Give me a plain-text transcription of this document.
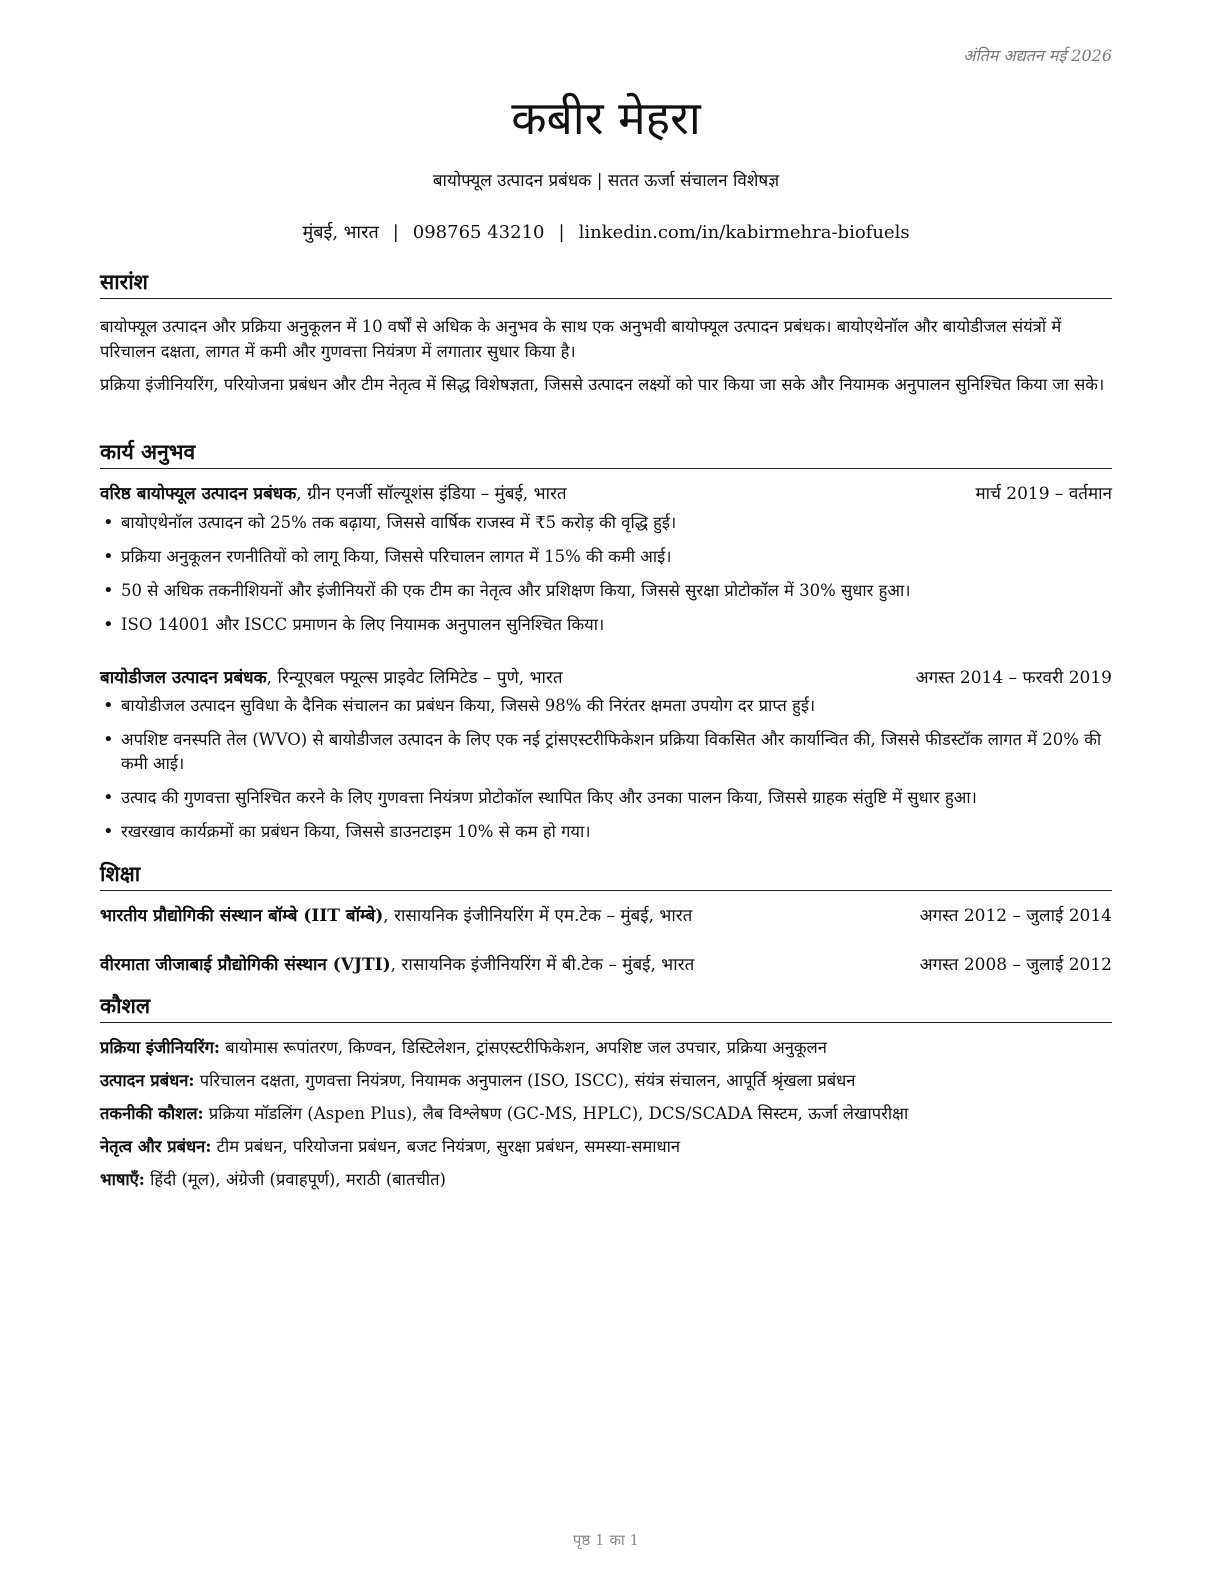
अंतिम अद्यतन मई 2026
कबीर मेहरा
बायोफ्यूल उत्पादन प्रबंधक | सतत ऊर्जा संचालन विशेषज्ञ
मुंबई, भारत | 098765 43210 | linkedin.com/in/kabirmehra-biofuels
सारांश
बायोफ्यूल उत्पादन और प्रक्रिया अनुकूलन में 10 वर्षों से अधिक के अनुभव के साथ एक अनुभवी बायोफ्यूल उत्पादन प्रबंधक। बायोएथेनॉल और बायोडीजल संयंत्रों में परिचालन दक्षता, लागत में कमी और गुणवत्ता नियंत्रण में लगातार सुधार किया है।
प्रक्रिया इंजीनियरिंग, परियोजना प्रबंधन और टीम नेतृत्व में सिद्ध विशेषज्ञता, जिससे उत्पादन लक्ष्यों को पार किया जा सके और नियामक अनुपालन सुनिश्चित किया जा सके।
कार्य अनुभव
वरिष्ठ बायोफ्यूल उत्पादन प्रबंधक, ग्रीन एनर्जी सॉल्यूशंस इंडिया – मुंबई, भारत	मार्च 2019 – वर्तमान
• बायोएथेनॉल उत्पादन को 25% तक बढ़ाया, जिससे वार्षिक राजस्व में ₹5 करोड़ की वृद्धि हुई।
• प्रक्रिया अनुकूलन रणनीतियों को लागू किया, जिससे परिचालन लागत में 15% की कमी आई।
• 50 से अधिक तकनीशियनों और इंजीनियरों की एक टीम का नेतृत्व और प्रशिक्षण किया, जिससे सुरक्षा प्रोटोकॉल में 30% सुधार हुआ।
• ISO 14001 और ISCC प्रमाणन के लिए नियामक अनुपालन सुनिश्चित किया।
बायोडीजल उत्पादन प्रबंधक, रिन्यूएबल फ्यूल्स प्राइवेट लिमिटेड – पुणे, भारत	अगस्त 2014 – फरवरी 2019
• बायोडीजल उत्पादन सुविधा के दैनिक संचालन का प्रबंधन किया, जिससे 98% की निरंतर क्षमता उपयोग दर प्राप्त हुई।
• अपशिष्ट वनस्पति तेल (WVO) से बायोडीजल उत्पादन के लिए एक नई ट्रांसएस्टरीफिकेशन प्रक्रिया विकसित और कार्यान्वित की, जिससे फीडस्टॉक लागत में 20% की कमी आई।
• उत्पाद की गुणवत्ता सुनिश्चित करने के लिए गुणवत्ता नियंत्रण प्रोटोकॉल स्थापित किए और उनका पालन किया, जिससे ग्राहक संतुष्टि में सुधार हुआ।
• रखरखाव कार्यक्रमों का प्रबंधन किया, जिससे डाउनटाइम 10% से कम हो गया।
शिक्षा
भारतीय प्रौद्योगिकी संस्थान बॉम्बे (IIT बॉम्बे), रासायनिक इंजीनियरिंग में एम.टेक – मुंबई, भारत	अगस्त 2012 – जुलाई 2014
वीरमाता जीजाबाई प्रौद्योगिकी संस्थान (VJTI), रासायनिक इंजीनियरिंग में बी.टेक – मुंबई, भारत	अगस्त 2008 – जुलाई 2012
कौशल
प्रक्रिया इंजीनियरिंग: बायोमास रूपांतरण, किण्वन, डिस्टिलेशन, ट्रांसएस्टरीफिकेशन, अपशिष्ट जल उपचार, प्रक्रिया अनुकूलन
उत्पादन प्रबंधन: परिचालन दक्षता, गुणवत्ता नियंत्रण, नियामक अनुपालन (ISO, ISCC), संयंत्र संचालन, आपूर्ति श्रृंखला प्रबंधन
तकनीकी कौशल: प्रक्रिया मॉडलिंग (Aspen Plus), लैब विश्लेषण (GC-MS, HPLC), DCS/SCADA सिस्टम, ऊर्जा लेखापरीक्षा
नेतृत्व और प्रबंधन: टीम प्रबंधन, परियोजना प्रबंधन, बजट नियंत्रण, सुरक्षा प्रबंधन, समस्या-समाधान
भाषाएँ: हिंदी (मूल), अंग्रेजी (प्रवाहपूर्ण), मराठी (बातचीत)
पृष्ठ 1 का 1
